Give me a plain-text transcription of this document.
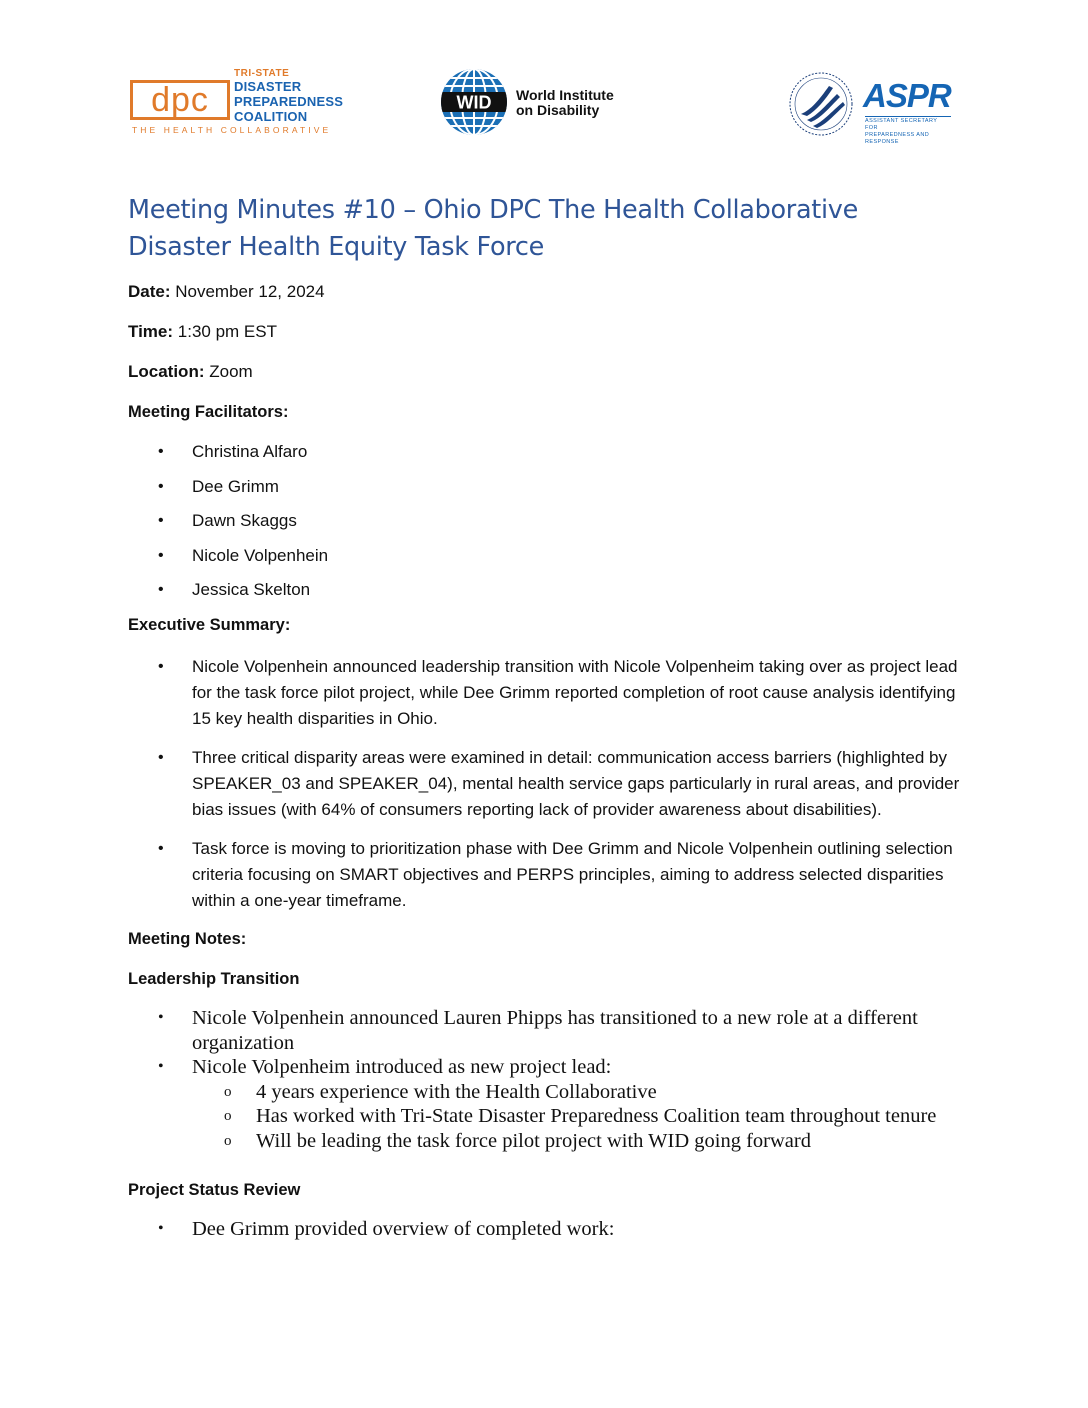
dpc
TRI-STATE
DISASTER
PREPAREDNESS
COALITION
THE HEALTH COLLABORATIVE
WID World Institute
on Disability	ASPR
ASSISTANT SECRETARY FOR
PREPAREDNESS AND RESPONSE
Meeting Minutes #10 – Ohio DPC The Health Collaborative Disaster Health Equity Task Force

Date: November 12, 2024

Time: 1:30 pm EST

Location: Zoom

Meeting Facilitators:
• Christina Alfaro
• Dee Grimm
• Dawn Skaggs
• Nicole Volpenhein
• Jessica Skelton
Executive Summary:
• Nicole Volpenhein announced leadership transition with Nicole Volpenheim taking over as project lead for the task force pilot project, while Dee Grimm reported completion of root cause analysis identifying 15 key health disparities in Ohio.
• Three critical disparity areas were examined in detail: communication access barriers (highlighted by SPEAKER_03 and SPEAKER_04), mental health service gaps particularly in rural areas, and provider bias issues (with 64% of consumers reporting lack of provider awareness about disabilities).
• Task force is moving to prioritization phase with Dee Grimm and Nicole Volpenhein outlining selection criteria focusing on SMART objectives and PERPS principles, aiming to address selected disparities within a one-year timeframe.
Meeting Notes:
Leadership Transition
• Nicole Volpenhein announced Lauren Phipps has transitioned to a new role at a different organization
• Nicole Volpenheim introduced as new project lead:
o 4 years experience with the Health Collaborative
o Has worked with Tri-State Disaster Preparedness Coalition team throughout tenure
o Will be leading the task force pilot project with WID going forward
Project Status Review
• Dee Grimm provided overview of completed work:
